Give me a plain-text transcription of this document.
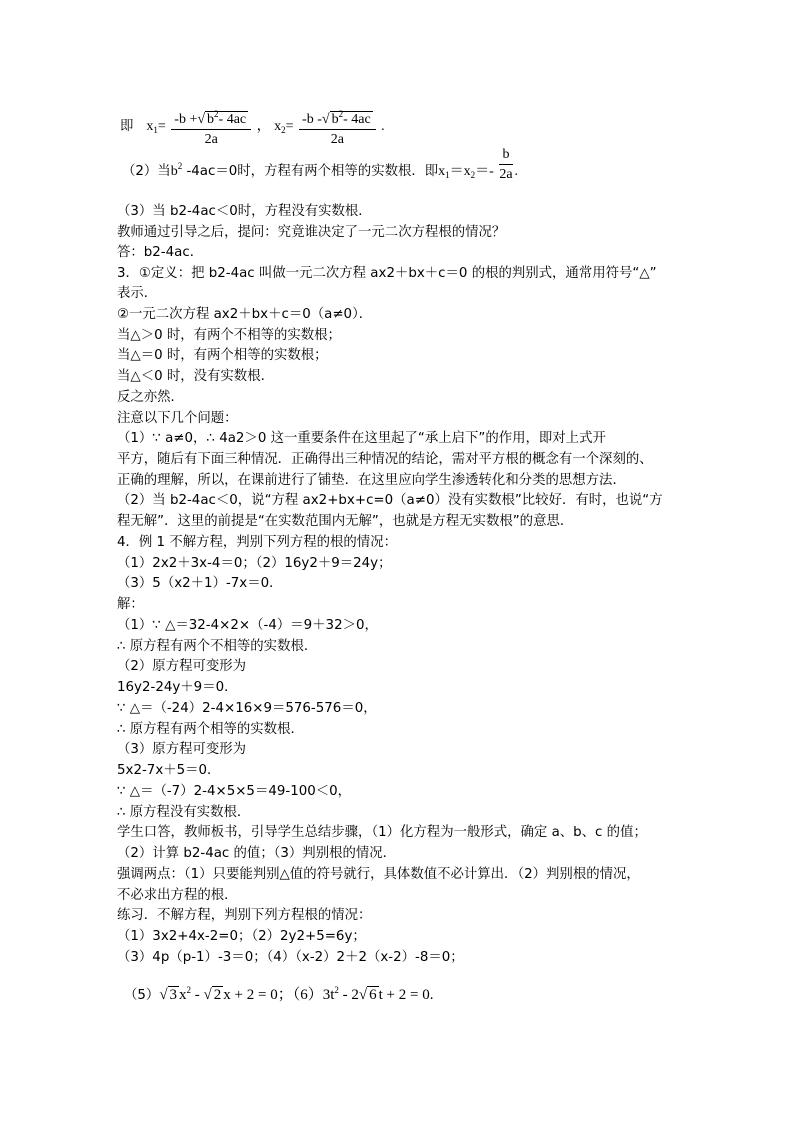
即 $x_1= \frac{-b +√ b^2- 4ac}{2a}$ ， $x_2= \frac{-b -√ b^2- 4ac}{2a}$ .
（2）当$b^2$ -4ac＝0时，方程有两个相等的实数根．即$x_1=x_2=- \frac{b}{2a}$ .
（3）当 b2-4ac＜0时，方程没有实数根．
教师通过引导之后，提问：究竟谁决定了一元二次方程根的情况？
答：b2-4ac．
3．①定义：把 b2-4ac 叫做一元二次方程 ax2＋bx＋c＝0 的根的判别式，通常用符号“△”
表示．
②一元二次方程 ax2＋bx＋c＝0（a≠0）．
当△＞0 时，有两个不相等的实数根；
当△＝0 时，有两个相等的实数根；
当△＜0 时，没有实数根．
反之亦然．
注意以下几个问题：
（1）∵ a≠0，∴ 4a2＞0 这一重要条件在这里起了“承上启下”的作用，即对上式开
平方，随后有下面三种情况．正确得出三种情况的结论，需对平方根的概念有一个深刻的、
正确的理解，所以，在课前进行了铺垫．在这里应向学生渗透转化和分类的思想方法．
（2）当 b2-4ac＜0，说“方程 ax2+bx+c=0（a≠0）没有实数根”比较好．有时，也说“方
程无解”．这里的前提是“在实数范围内无解”，也就是方程无实数根”的意思．
4．例 1 不解方程，判别下列方程的根的情况：
（1）2x2＋3x-4＝0；（2）16y2＋9＝24y；
（3）5（x2＋1）-7x＝0．
解：
（1）∵ △＝32-4×2×（-4）＝9＋32＞0，
∴ 原方程有两个不相等的实数根．
（2）原方程可变形为
16y2-24y＋9＝0．
∵ △＝（-24）2-4×16×9＝576-576＝0，
∴ 原方程有两个相等的实数根．
（3）原方程可变形为
5x2-7x＋5＝0．
∵ △＝（-7）2-4×5×5＝49-100＜0，
∴ 原方程没有实数根．
学生口答，教师板书，引导学生总结步骤，（1）化方程为一般形式，确定 a、b、c 的值；
（2）计算 b2-4ac 的值；（3）判别根的情况．
强调两点：（1）只要能判别△值的符号就行，具体数值不必计算出．（2）判别根的情况，
不必求出方程的根．
练习．不解方程，判别下列方程根的情况：
（1）3x2+4x-2=0；（2）2y2+5=6y；
（3）4p（p-1）-3＝0；（4）（x-2）2＋2（x-2）-8＝0；
（5）√ 3 $x^2$ - √ 2 x + 2 = 0；$(6)3t^2 - 2√$ 6 t + 2 = 0.
